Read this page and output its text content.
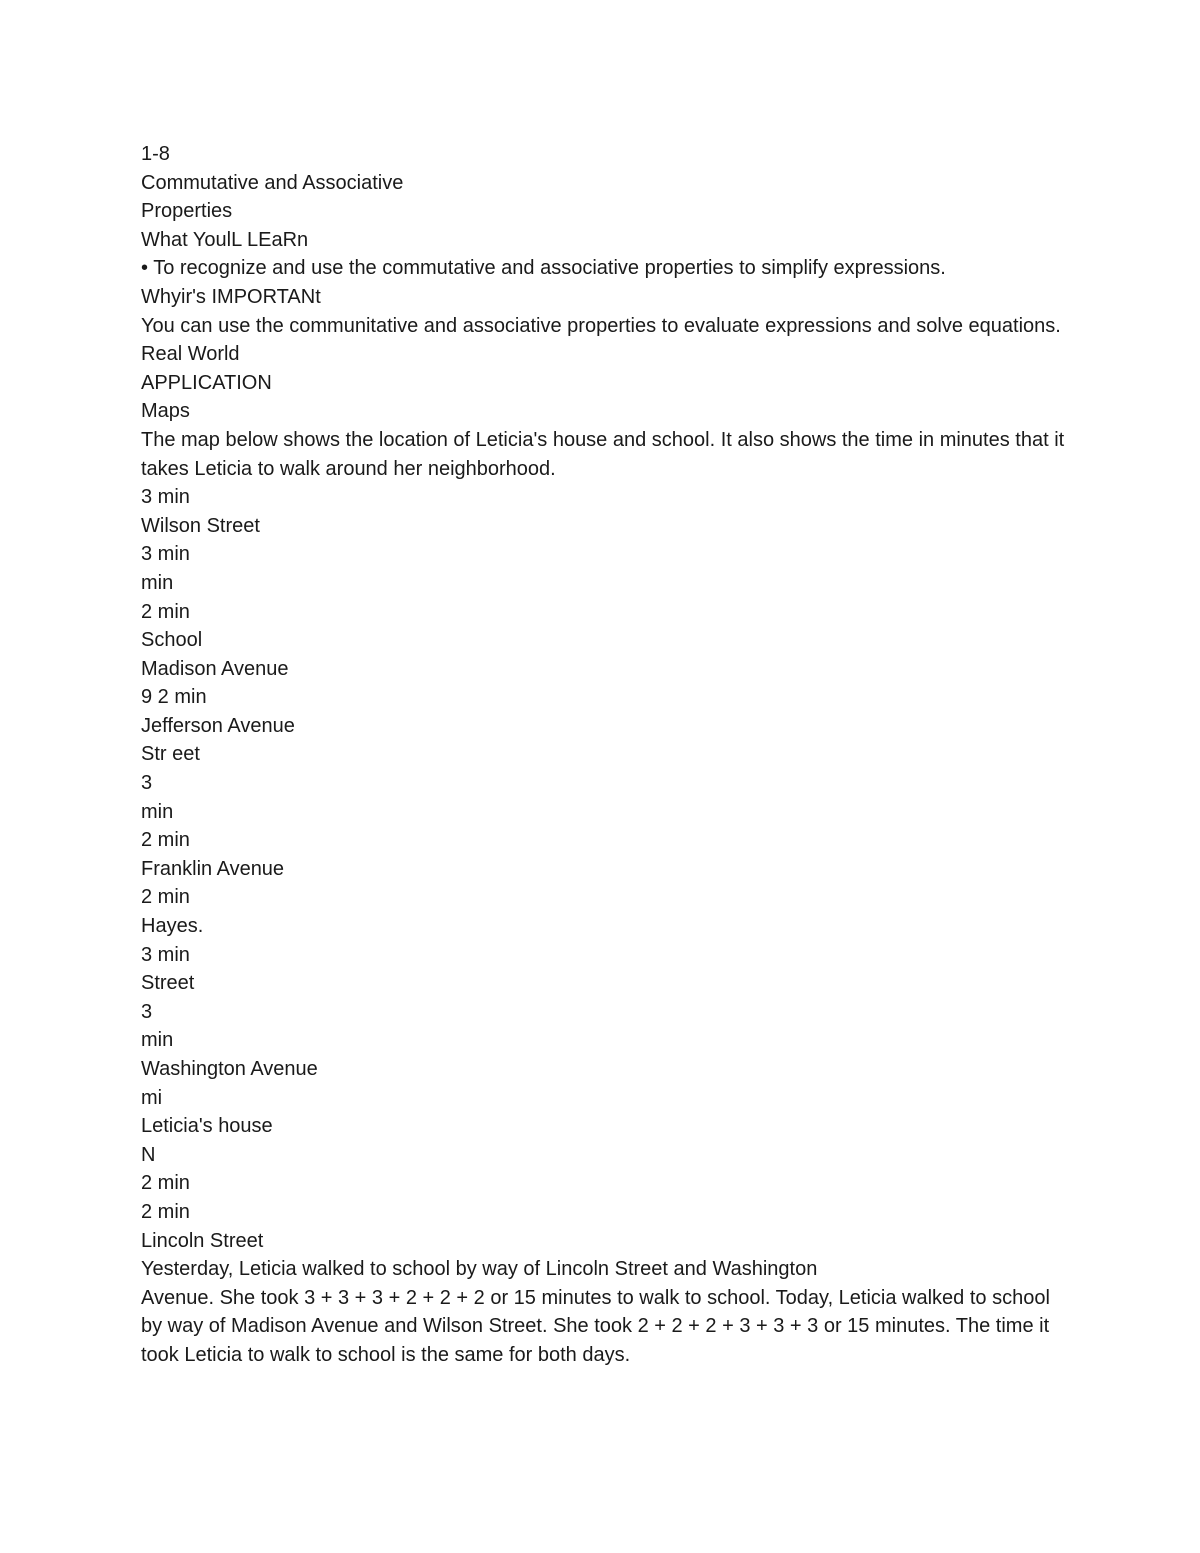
1-8
Commutative and Associative
Properties
What YoulL LEaRn
• To recognize and use the commutative and associative properties to simplify expressions.
Whyir's IMPORTANt
You can use the communitative and associative properties to evaluate expressions and solve equations.
Real World
APPLICATION
Maps
The map below shows the location of Leticia's house and school. It also shows the time in minutes that it takes Leticia to walk around her neighborhood.
3 min
Wilson Street
3 min
min
2 min
School
Madison Avenue
9 2 min
Jefferson Avenue
Str eet
3
min
2 min
Franklin Avenue
2 min
Hayes.
3 min
Street
3
min
Washington Avenue
mi
Leticia's house
N
2 min
2 min
Lincoln Street
Yesterday, Leticia walked to school by way of Lincoln Street and Washington
Avenue. She took 3 + 3 + 3 + 2 + 2 + 2 or 15 minutes to walk to school. Today, Leticia walked to school by way of Madison Avenue and Wilson Street. She took 2 + 2 + 2 + 3 + 3 + 3 or 15 minutes. The time it took Leticia to walk to school is the same for both days.
